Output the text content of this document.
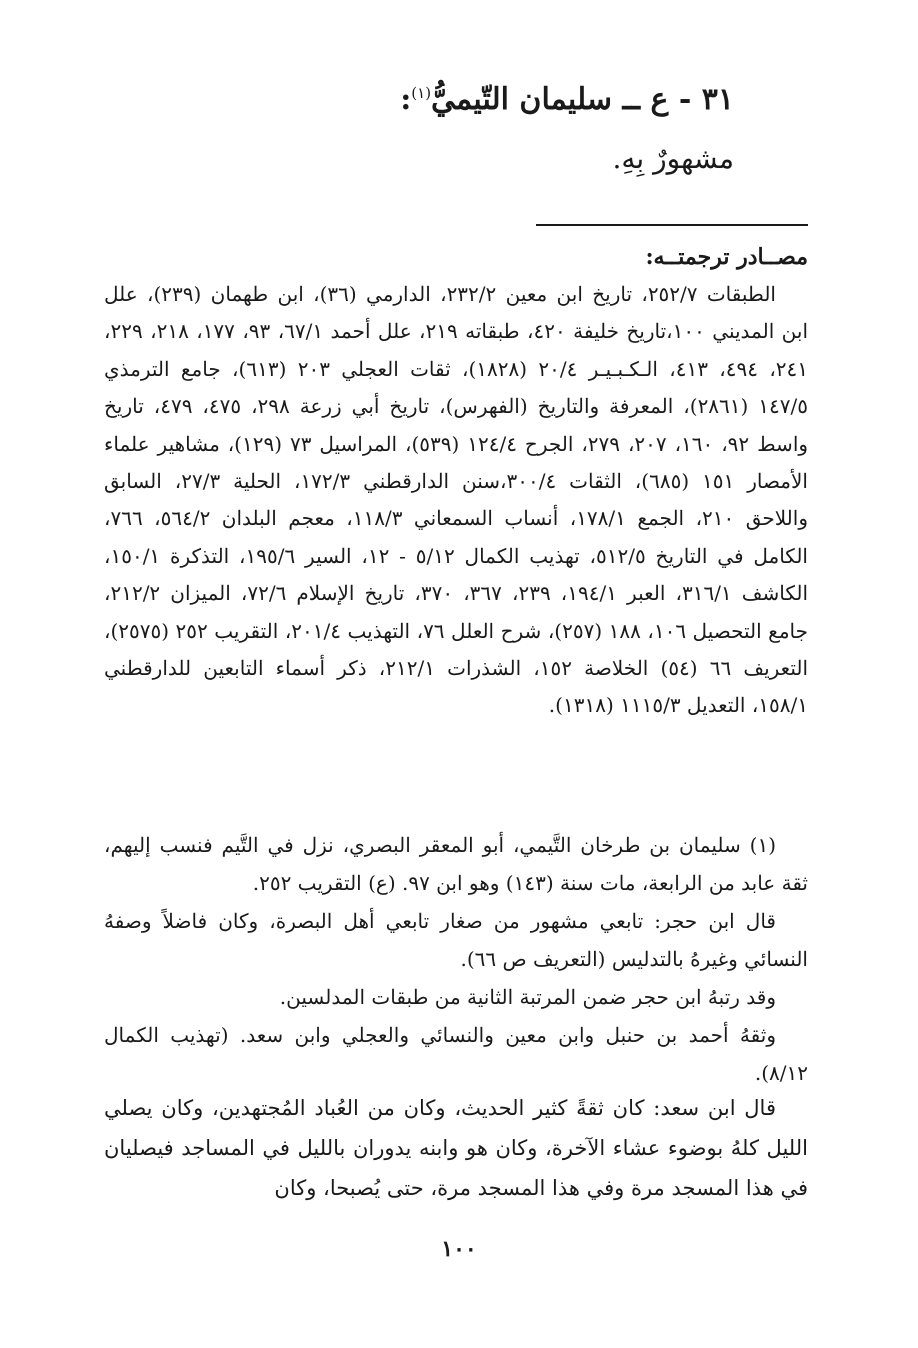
٣١ - ع ــ سليمان التّيميُّ$^{(١)}$:
مشهورٌ بِهِ.
مصــادر ترجمتــه:

الطبقات ٢٥٢/٧، تاريخ ابن معين ٢٣٢/٢، الدارمي (٣٦)، ابن طهمان (٢٣٩)، علل ابن المديني ١٠٠،تاريخ خليفة ٤٢٠، طبقاته ٢١٩، علل أحمد ٦٧/١، ٩٣، ١٧٧، ٢١٨، ٢٢٩، ٢٤١، ٤٩٤، ٤١٣، الـكـبـيـر ٢٠/٤ (١٨٢٨)، ثقات العجلي ٢٠٣ (٦١٣)، جامع الترمذي ١٤٧/٥ (٢٨٦١)، المعرفة والتاريخ (الفهرس)، تاريخ أبي زرعة ٢٩٨، ٤٧٥، ٤٧٩، تاريخ واسط ٩٢، ١٦٠، ٢٠٧، ٢٧٩، الجرح ١٢٤/٤ (٥٣٩)، المراسيل ٧٣ (١٢٩)، مشاهير علماء الأمصار ١٥١ (٦٨٥)، الثقات ٣٠٠/٤،سنن الدارقطني ١٧٢/٣، الحلية ٢٧/٣، السابق واللاحق ٢١٠، الجمع ١٧٨/١، أنساب السمعاني ١١٨/٣، معجم البلدان ٥٦٤/٢، ٧٦٦، الكامل في التاريخ ٥١٢/٥، تهذيب الكمال ٥/١٢ - ١٢، السير ١٩٥/٦، التذكرة ١٥٠/١، الكاشف ٣١٦/١، العبر ١٩٤/١، ٢٣٩، ٣٦٧، ٣٧٠، تاريخ الإسلام ٧٢/٦، الميزان ٢١٢/٢، جامع التحصيل ١٠٦، ١٨٨ (٢٥٧)، شرح العلل ٧٦، التهذيب ٢٠١/٤، التقريب ٢٥٢ (٢٥٧٥)، التعريف ٦٦ (٥٤) الخلاصة ١٥٢، الشذرات ٢١٢/١، ذكر أسماء التابعين للدارقطني ١٥٨/١، التعديل ١١١٥/٣ (١٣١٨).

(١) سليمان بن طرخان التَّيمي، أبو المعقر البصري، نزل في التَّيم فنسب إليهم، ثقة عابد من الرابعة، مات سنة (١٤٣) وهو ابن ٩٧. (ع) التقريب ٢٥٢.

قال ابن حجر: تابعي مشهور من صغار تابعي أهل البصرة، وكان فاضلاً وصفهُ النسائي وغيرهُ بالتدليس (التعريف ص ٦٦).

وقد رتبهُ ابن حجر ضمن المرتبة الثانية من طبقات المدلسين.

وثقهُ أحمد بن حنبل وابن معين والنسائي والعجلي وابن سعد. (تهذيب الكمال ٨/١٢).

قال ابن سعد: كان ثقةً كثير الحديث، وكان من العُباد المُجتهدين، وكان يصلي الليل كلهُ بوضوء عشاء الآخرة، وكان هو وابنه يدوران بالليل في المساجد فيصليان في هذا المسجد مرة وفي هذا المسجد مرة، حتى يُصبحا، وكان

١٠٠
